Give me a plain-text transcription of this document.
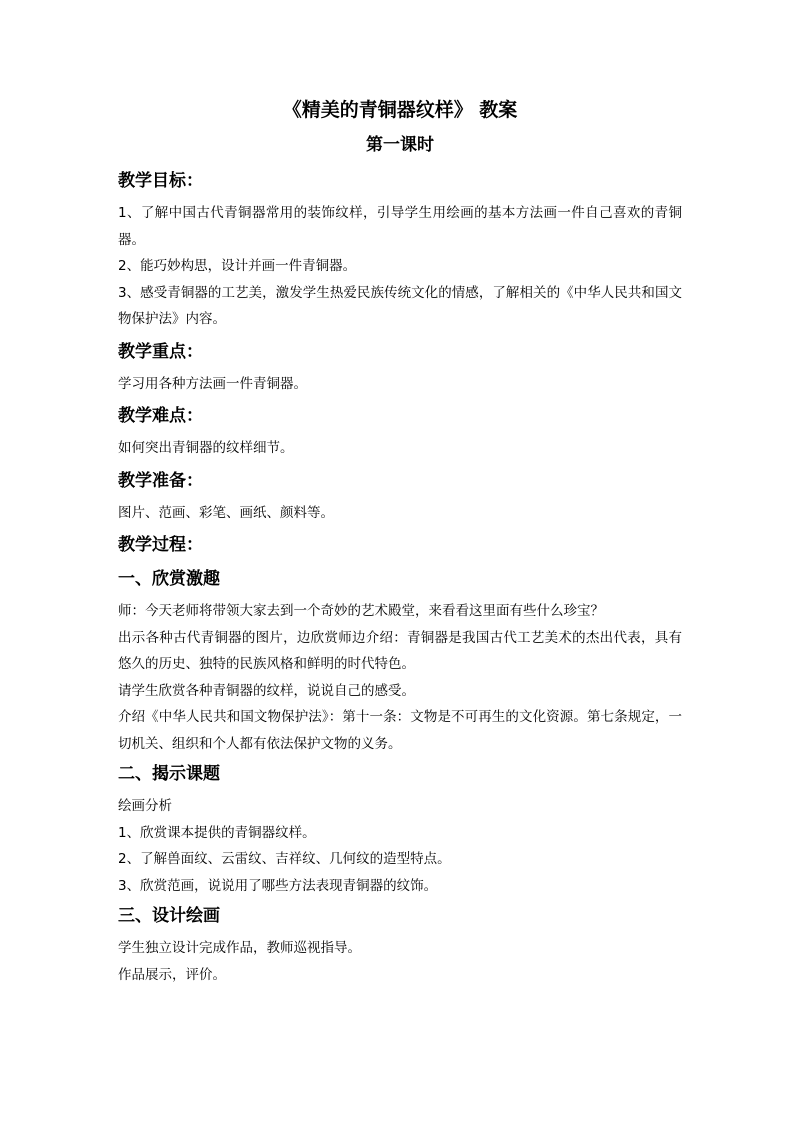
《精美的青铜器纹样》 教案
第一课时
教学目标：

1、了解中国古代青铜器常用的装饰纹样，引导学生用绘画的基本方法画一件自己喜欢的青铜器。

2、能巧妙构思，设计并画一件青铜器。

3、感受青铜器的工艺美，激发学生热爱民族传统文化的情感，了解相关的《中华人民共和国文物保护法》内容。

教学重点：

学习用各种方法画一件青铜器。

教学难点：

如何突出青铜器的纹样细节。

教学准备：

图片、范画、彩笔、画纸、颜料等。

教学过程：
一、欣赏激趣

师：今天老师将带领大家去到一个奇妙的艺术殿堂，来看看这里面有些什么珍宝？

出示各种古代青铜器的图片，边欣赏师边介绍：青铜器是我国古代工艺美术的杰出代表，具有悠久的历史、独特的民族风格和鲜明的时代特色。

请学生欣赏各种青铜器的纹样，说说自己的感受。

介绍《中华人民共和国文物保护法》：第十一条：文物是不可再生的文化资源。第七条规定，一切机关、组织和个人都有依法保护文物的义务。

二、揭示课题

绘画分析

1、欣赏课本提供的青铜器纹样。

2、了解兽面纹、云雷纹、吉祥纹、几何纹的造型特点。

3、欣赏范画，说说用了哪些方法表现青铜器的纹饰。

三、设计绘画

学生独立设计完成作品，教师巡视指导。

作品展示，评价。
